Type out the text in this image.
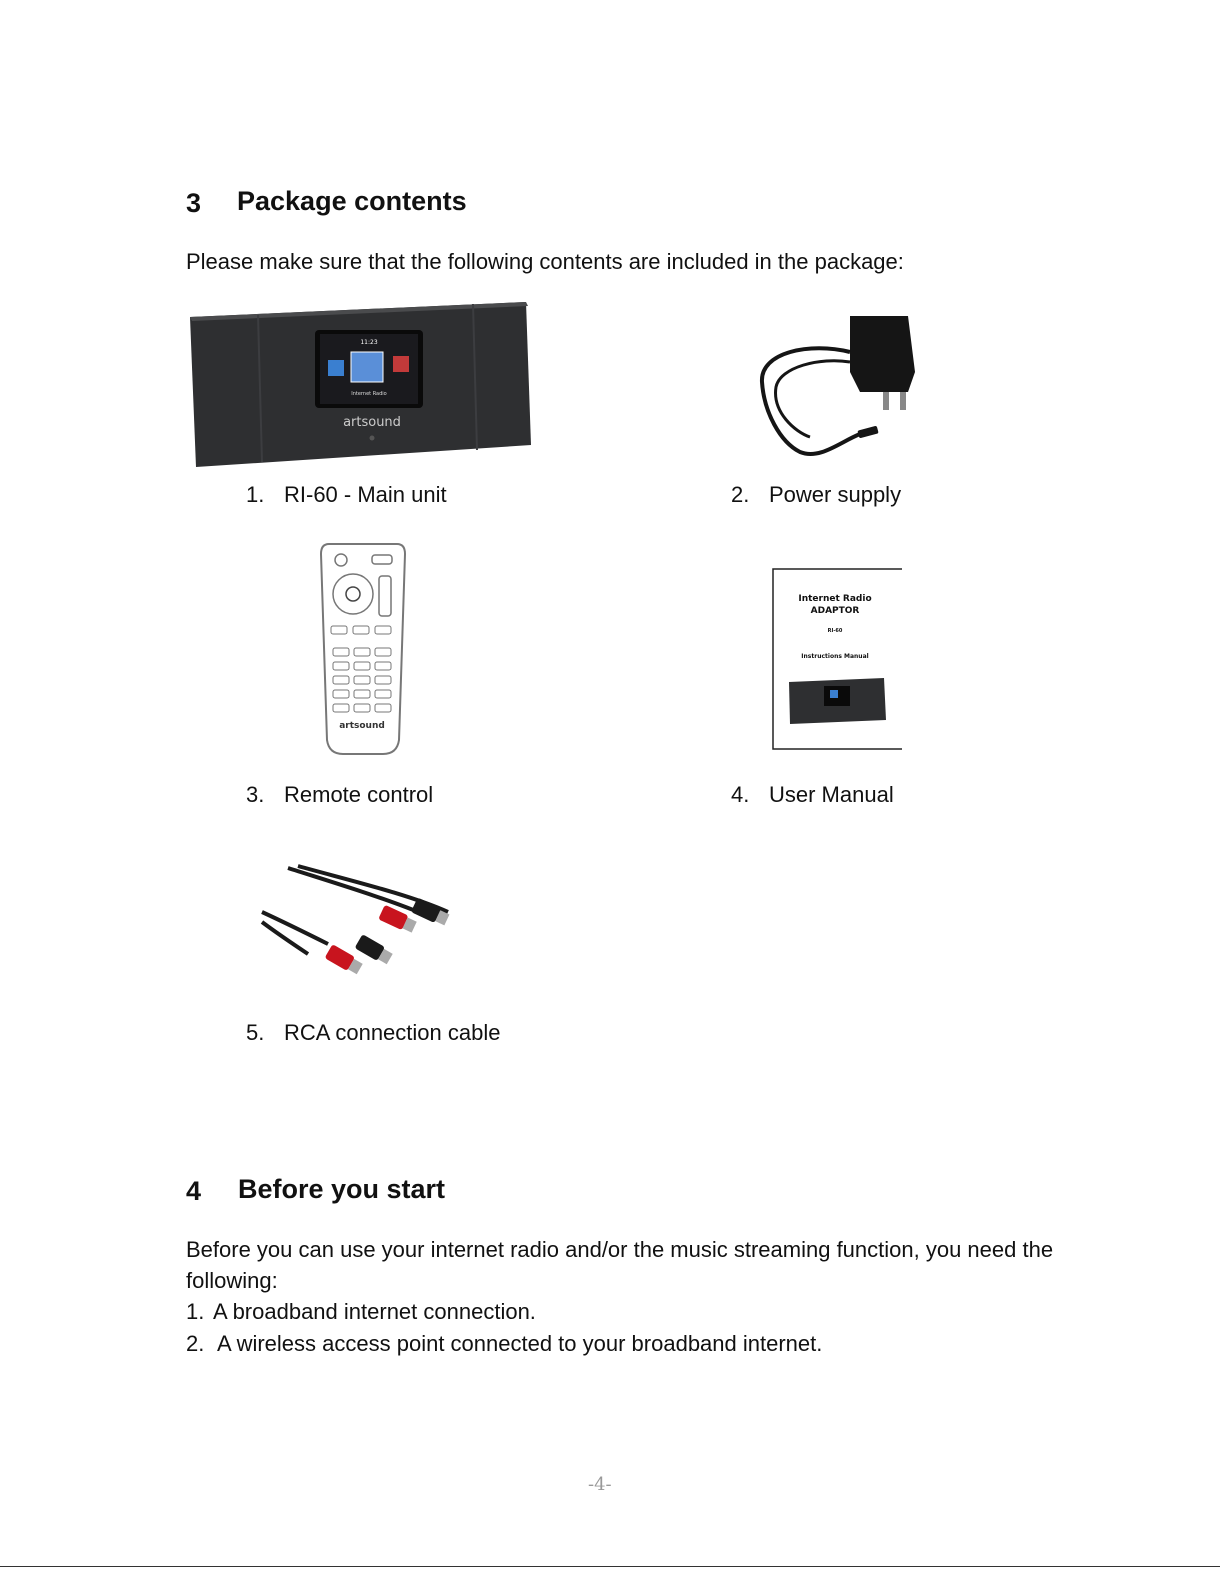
3 Package contents
Please make sure that the following contents are included in the package:
11:23
Internet Radio
artsound
1. RI-60 - Main unit	2. Power supply
artsound
3. Remote control
Internet Radio
ADAPTOR
RI-60
Instructions Manual
4. User Manual
5. RCA connection cable
4 Before you start
Before you can use your internet radio and/or the music streaming function, you need the following:
1. A broadband internet connection.
2. A wireless access point connected to your broadband internet.
-4-
